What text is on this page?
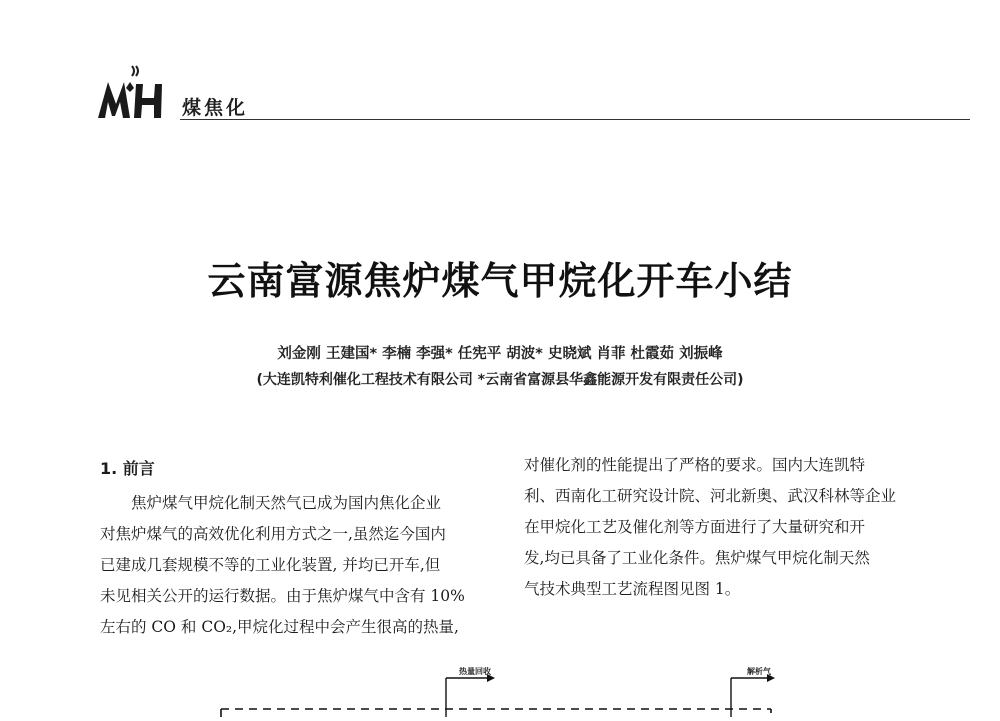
煤焦化
云南富源焦炉煤气甲烷化开车小结
刘金刚 王建国* 李楠 李强* 任宪平 胡波* 史晓斌 肖菲 杜霞茹 刘振峰
(大连凯特利催化工程技术有限公司 *云南省富源县华鑫能源开发有限责任公司)
1. 前言
焦炉煤气甲烷化制天然气已成为国内焦化企业
对焦炉煤气的高效优化利用方式之一,虽然迄今国内
已建成几套规模不等的工业化装置, 并均已开车,但
未见相关公开的运行数据。由于焦炉煤气中含有 10%
左右的 CO 和 CO₂,甲烷化过程中会产生很高的热量,
对催化剂的性能提出了严格的要求。国内大连凯特
利、西南化工研究设计院、河北新奥、武汉科林等企业
在甲烷化工艺及催化剂等方面进行了大量研究和开
发,均已具备了工业化条件。焦炉煤气甲烷化制天然
气技术典型工艺流程图见图 1。
热量回收	解析气
